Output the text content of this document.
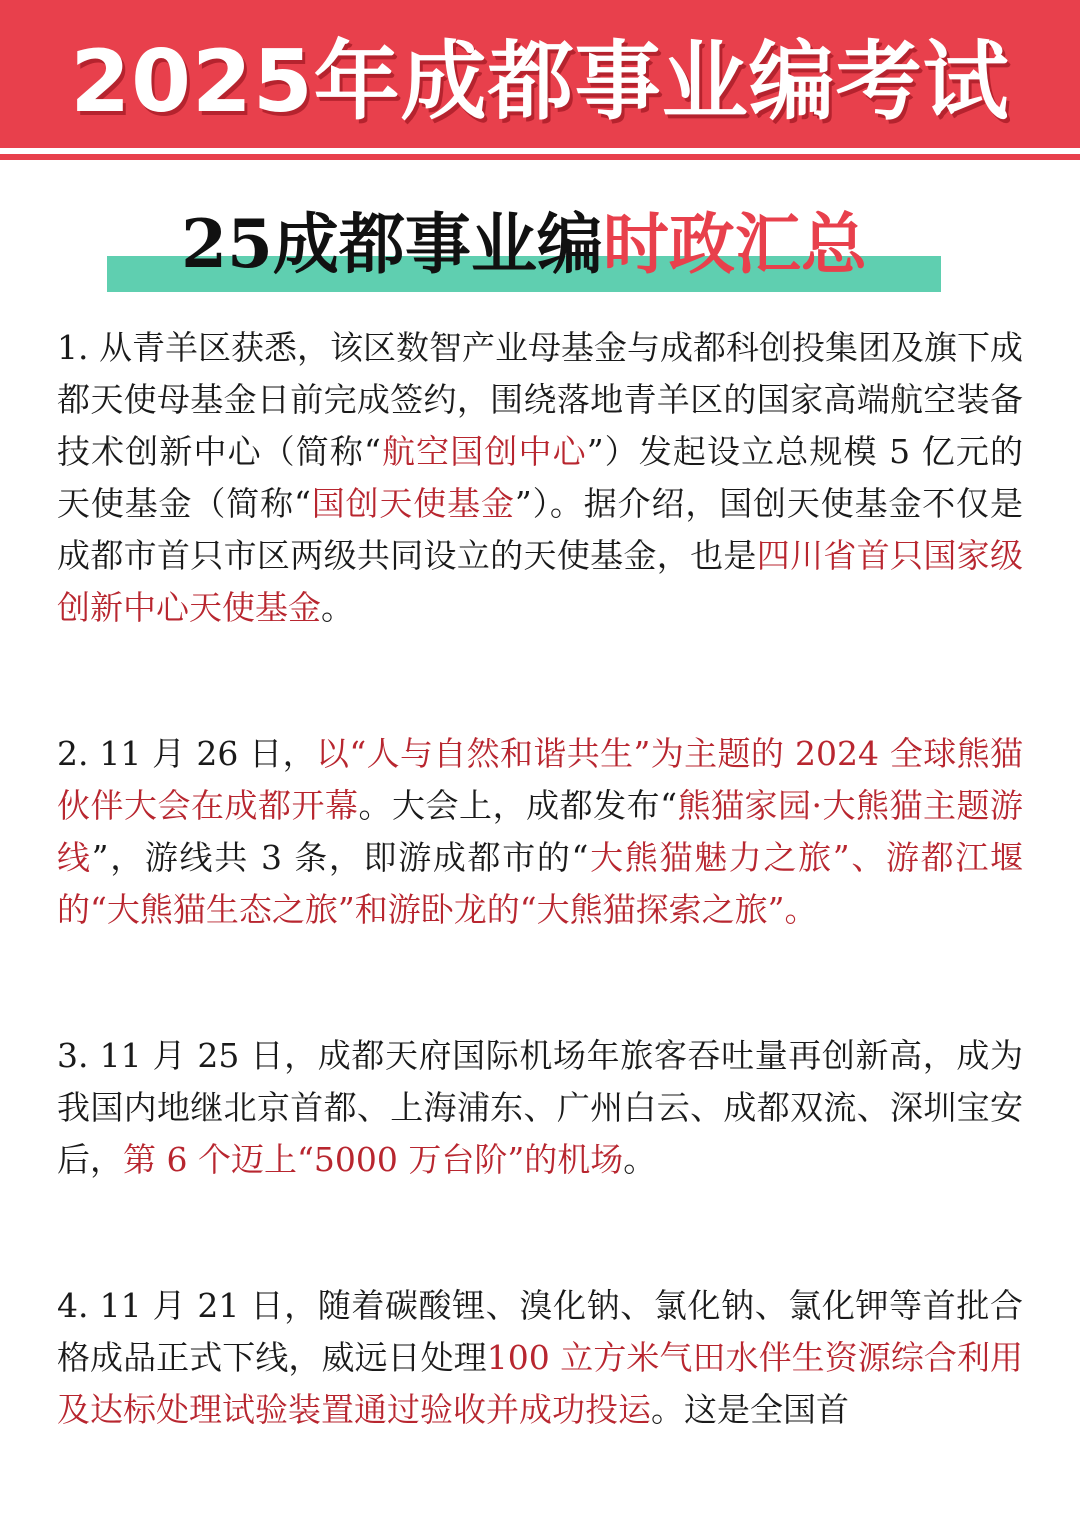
2025年成都事业编考试
25成都事业编时政汇总

1. 从青羊区获悉，该区数智产业母基金与成都科创投集团及旗下成都天使母基金日前完成签约，围绕落地青羊区的国家高端航空装备技术创新中心（简称“航空国创中心”）发起设立总规模 5 亿元的天使基金（简称“国创天使基金”）。据介绍，国创天使基金不仅是成都市首只市区两级共同设立的天使基金，也是四川省首只国家级创新中心天使基金。

2. 11 月 26 日，以“人与自然和谐共生”为主题的 2024 全球熊猫伙伴大会在成都开幕。大会上，成都发布“熊猫家园·大熊猫主题游线”，游线共 3 条，即游成都市的“大熊猫魅力之旅”、游都江堰的“大熊猫生态之旅”和游卧龙的“大熊猫探索之旅”。

3. 11 月 25 日，成都天府国际机场年旅客吞吐量再创新高，成为我国内地继北京首都、上海浦东、广州白云、成都双流、深圳宝安后，第 6 个迈上“5000 万台阶”的机场。

4. 11 月 21 日，随着碳酸锂、溴化钠、氯化钠、氯化钾等首批合格成品正式下线，威远日处理100 立方米气田水伴生资源综合利用及达标处理试验装置通过验收并成功投运。这是全国首
